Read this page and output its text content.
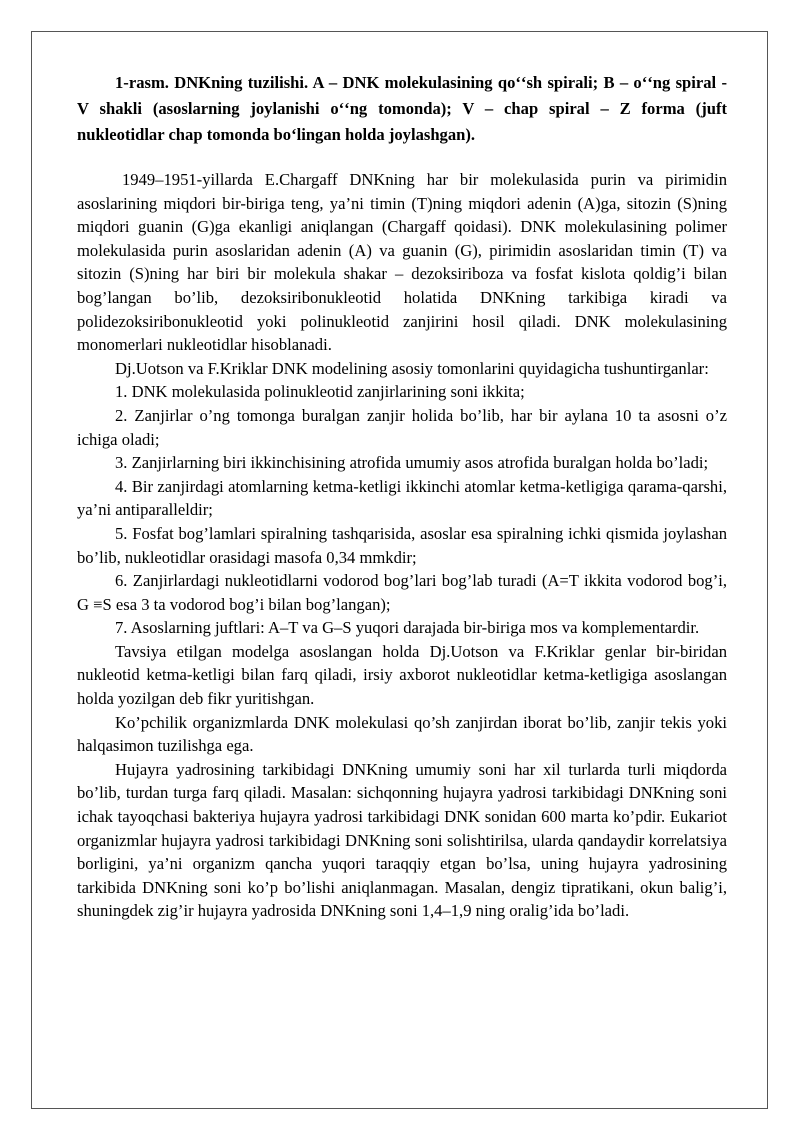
1-rasm. DNKning tuzilishi. A – DNK molekulasining qoʻʻsh spirali; B – oʻʻng spiral - V shakli (asoslarning joylanishi oʻʻng tomonda); V – chap spiral – Z forma (juft nukleotidlar chap tomonda boʻlingan holda joylashgan).

1949–1951-yillarda E.Chargaff DNKning har bir molekulasida purin va pirimidin asoslarining miqdori bir-biriga teng, ya’ni timin (T)ning miqdori adenin (A)ga, sitozin (S)ning miqdori guanin (G)ga ekanligi aniqlangan (Chargaff qoidasi). DNK molekulasining polimer molekulasida purin asoslaridan adenin (A) va guanin (G), pirimidin asoslaridan timin (T) va sitozin (S)ning har biri bir molekula shakar – dezoksiriboza va fosfat kislota qoldig’i bilan bog’langan bo’lib, dezoksiribonukleotid holatida DNKning tarkibiga kiradi va polidezoksiribonukleotid yoki polinukleotid zanjirini hosil qiladi. DNK molekulasining monomerlari nukleotidlar hisoblanadi.

Dj.Uotson va F.Kriklar DNK modelining asosiy tomonlarini quyidagicha tushuntirganlar:

1. DNK molekulasida polinukleotid zanjirlarining soni ikkita;

2. Zanjirlar o’ng tomonga buralgan zanjir holida bo’lib, har bir aylana 10 ta asosni o’z ichiga oladi;

3. Zanjirlarning biri ikkinchisining atrofida umumiy asos atrofida buralgan holda bo’ladi;

4. Bir zanjirdagi atomlarning ketma-ketligi ikkinchi atomlar ketma-ketligiga qarama-qarshi, ya’ni antiparalleldir;

5. Fosfat bog’lamlari spiralning tashqarisida, asoslar esa spiralning ichki qismida joylashan bo’lib, nukleotidlar orasidagi masofa 0,34 mmkdir;

6. Zanjirlardagi nukleotidlarni vodorod bog’lari bog’lab turadi (A=T ikkita vodorod bog’i, G ≡S esa 3 ta vodorod bog’i bilan bog’langan);

7. Asoslarning juftlari: A–T va G–S yuqori darajada bir-biriga mos va komplementardir.

Tavsiya etilgan modelga asoslangan holda Dj.Uotson va F.Kriklar genlar bir-biridan nukleotid ketma-ketligi bilan farq qiladi, irsiy axborot nukleotidlar ketma-ketligiga asoslangan holda yozilgan deb fikr yuritishgan.

Ko’pchilik organizmlarda DNK molekulasi qo’sh zanjirdan iborat bo’lib, zanjir tekis yoki halqasimon tuzilishga ega.

Hujayra yadrosining tarkibidagi DNKning umumiy soni har xil turlarda turli miqdorda bo’lib, turdan turga farq qiladi. Masalan: sichqonning hujayra yadrosi tarkibidagi DNKning soni ichak tayoqchasi bakteriya hujayra yadrosi tarkibidagi DNK sonidan 600 marta ko’pdir. Eukariot organizmlar hujayra yadrosi tarkibidagi DNKning soni solishtirilsa, ularda qandaydir korrelatsiya borligini, ya’ni organizm qancha yuqori taraqqiy etgan bo’lsa, uning hujayra yadrosining tarkibida DNKning soni ko’p bo’lishi aniqlanmagan. Masalan, dengiz tipratikani, okun balig’i, shuningdek zig’ir hujayra yadrosida DNKning soni 1,4–1,9 ning oralig’ida bo’ladi.
